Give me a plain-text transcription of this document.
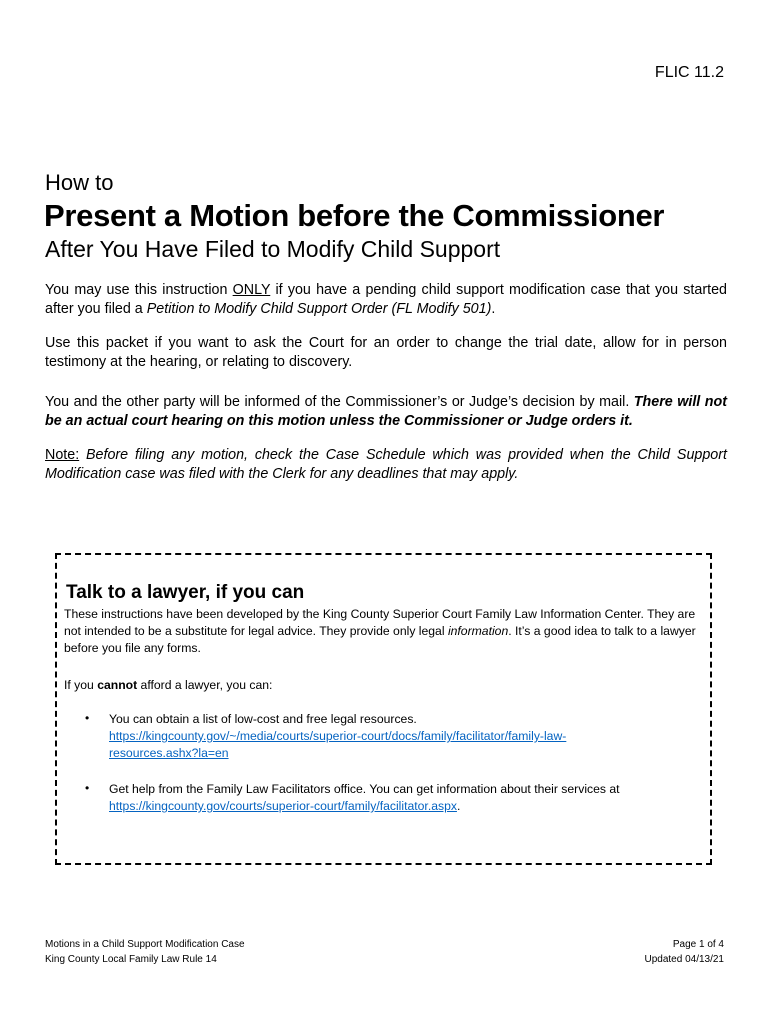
FLIC 11.2
How to
Present a Motion before the Commissioner
After You Have Filed to Modify Child Support
You may use this instruction ONLY if you have a pending child support modification case that you started after you filed a Petition to Modify Child Support Order (FL Modify 501).
Use this packet if you want to ask the Court for an order to change the trial date, allow for in person testimony at the hearing, or relating to discovery.
You and the other party will be informed of the Commissioner’s or Judge’s decision by mail. There will not be an actual court hearing on this motion unless the Commissioner or Judge orders it.
Note: Before filing any motion, check the Case Schedule which was provided when the Child Support Modification case was filed with the Clerk for any deadlines that may apply.
Talk to a lawyer, if you can
These instructions have been developed by the King County Superior Court Family Law Information Center. They are not intended to be a substitute for legal advice. They provide only legal information. It’s a good idea to talk to a lawyer before you file any forms.
If you cannot afford a lawyer, you can:
• You can obtain a list of low-cost and free legal resources.
https://kingcounty.gov/~/media/courts/superior-court/docs/family/facilitator/family-law-
resources.ashx?la=en
• Get help from the Family Law Facilitators office. You can get information about their services at https://kingcounty.gov/courts/superior-court/family/facilitator.aspx.
Motions in a Child Support Modification Case
King County Local Family Law Rule 14
Page 1 of 4
Updated 04/13/21
